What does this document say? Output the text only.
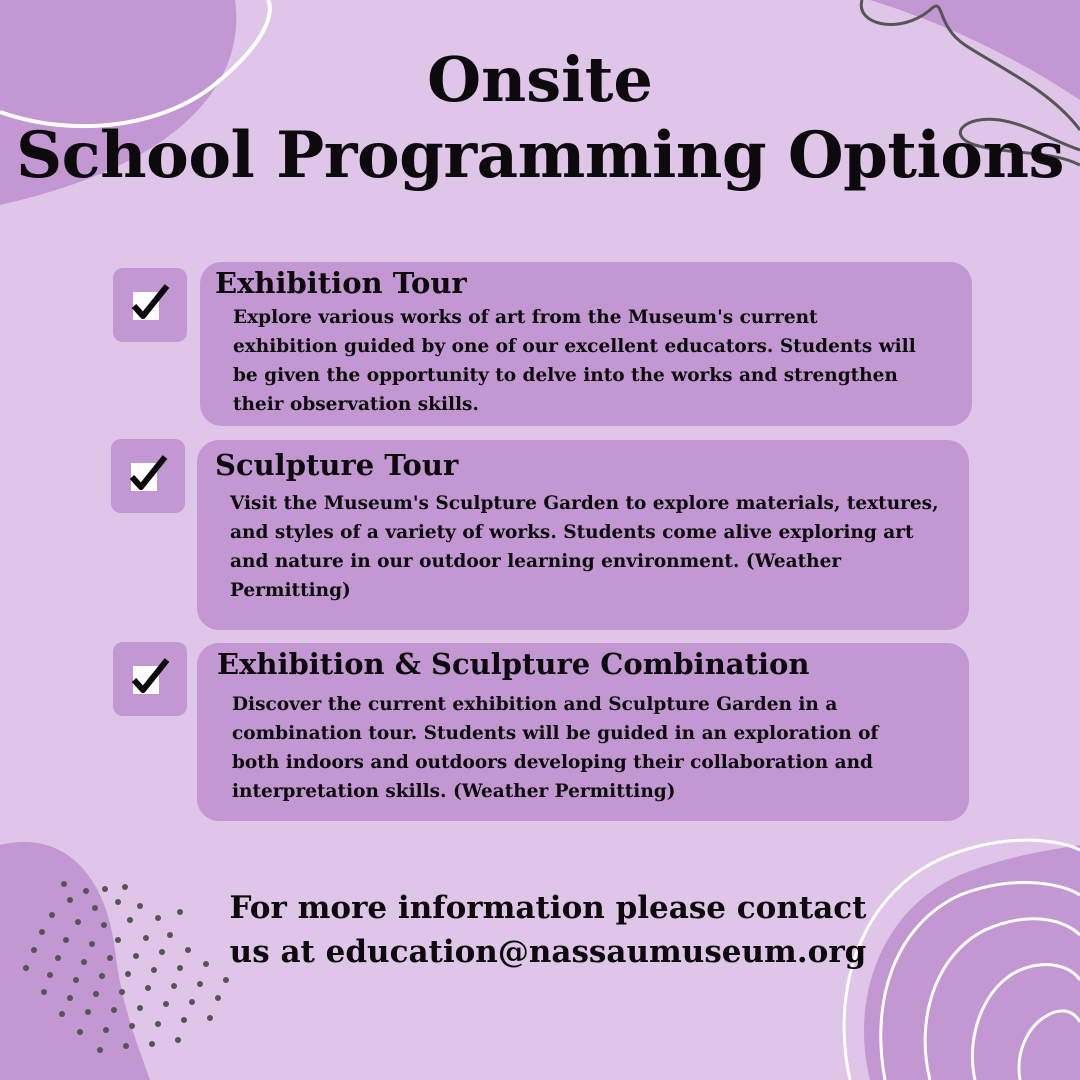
Onsite
School Programming Options
Exhibition Tour
Explore various works of art from the Museum's current exhibition guided by one of our excellent educators. Students will be given the opportunity to delve into the works and strengthen their observation skills.
Sculpture Tour
Visit the Museum's Sculpture Garden to explore materials, textures, and styles of a variety of works. Students come alive exploring art and nature in our outdoor learning environment. (Weather Permitting)
Exhibition & Sculpture Combination
Discover the current exhibition and Sculpture Garden in a combination tour. Students will be guided in an exploration of both indoors and outdoors developing their collaboration and interpretation skills. (Weather Permitting)
For more information please contact
us at education@nassaumuseum.org
